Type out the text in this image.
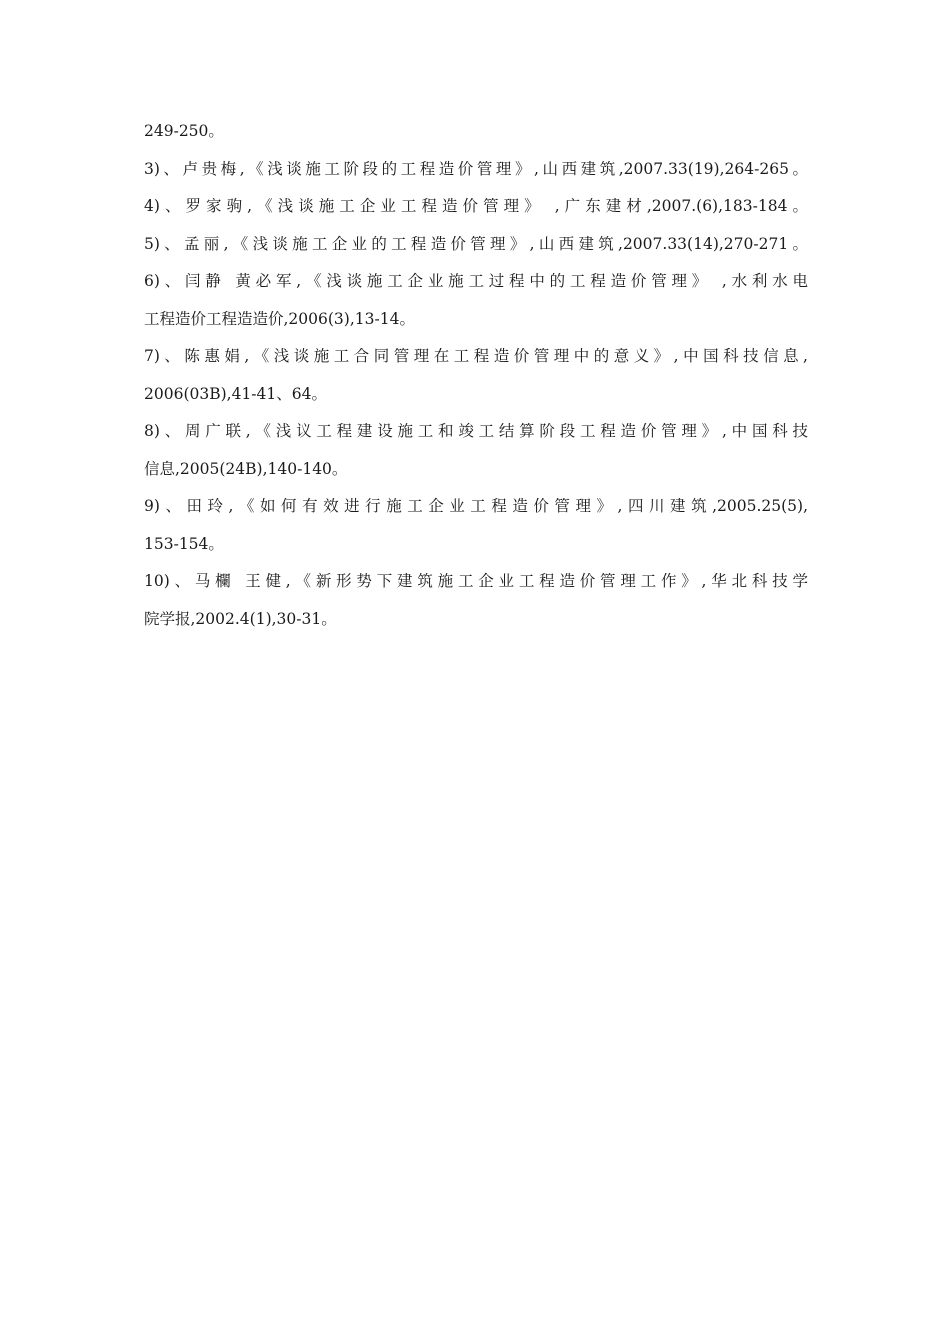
249-250。
3)、卢贵梅,《浅谈施工阶段的工程造价管理》,山西建筑,2007.33(19),264-265。
4)、罗家驹,《浅谈施工企业工程造价管理》 ,广东建材,2007.(6),183-184。
5)、孟丽,《浅谈施工企业的工程造价管理》,山西建筑,2007.33(14),270-271。
6)、闫静 黄必军,《浅谈施工企业施工过程中的工程造价管理》 ,水利水电
工程造价工程造造价,2006(3),13-14。
7)、陈惠娟,《浅谈施工合同管理在工程造价管理中的意义》,中国科技信息,
2006(03B),41-41、64。
8)、周广联,《浅议工程建设施工和竣工结算阶段工程造价管理》,中国科技
信息,2005(24B),140-140。
9)、田玲,《如何有效进行施工企业工程造价管理》,四川建筑,2005.25(5),
153-154。
10)、马欄 王健,《新形势下建筑施工企业工程造价管理工作》,华北科技学
院学报,2002.4(1),30-31。
